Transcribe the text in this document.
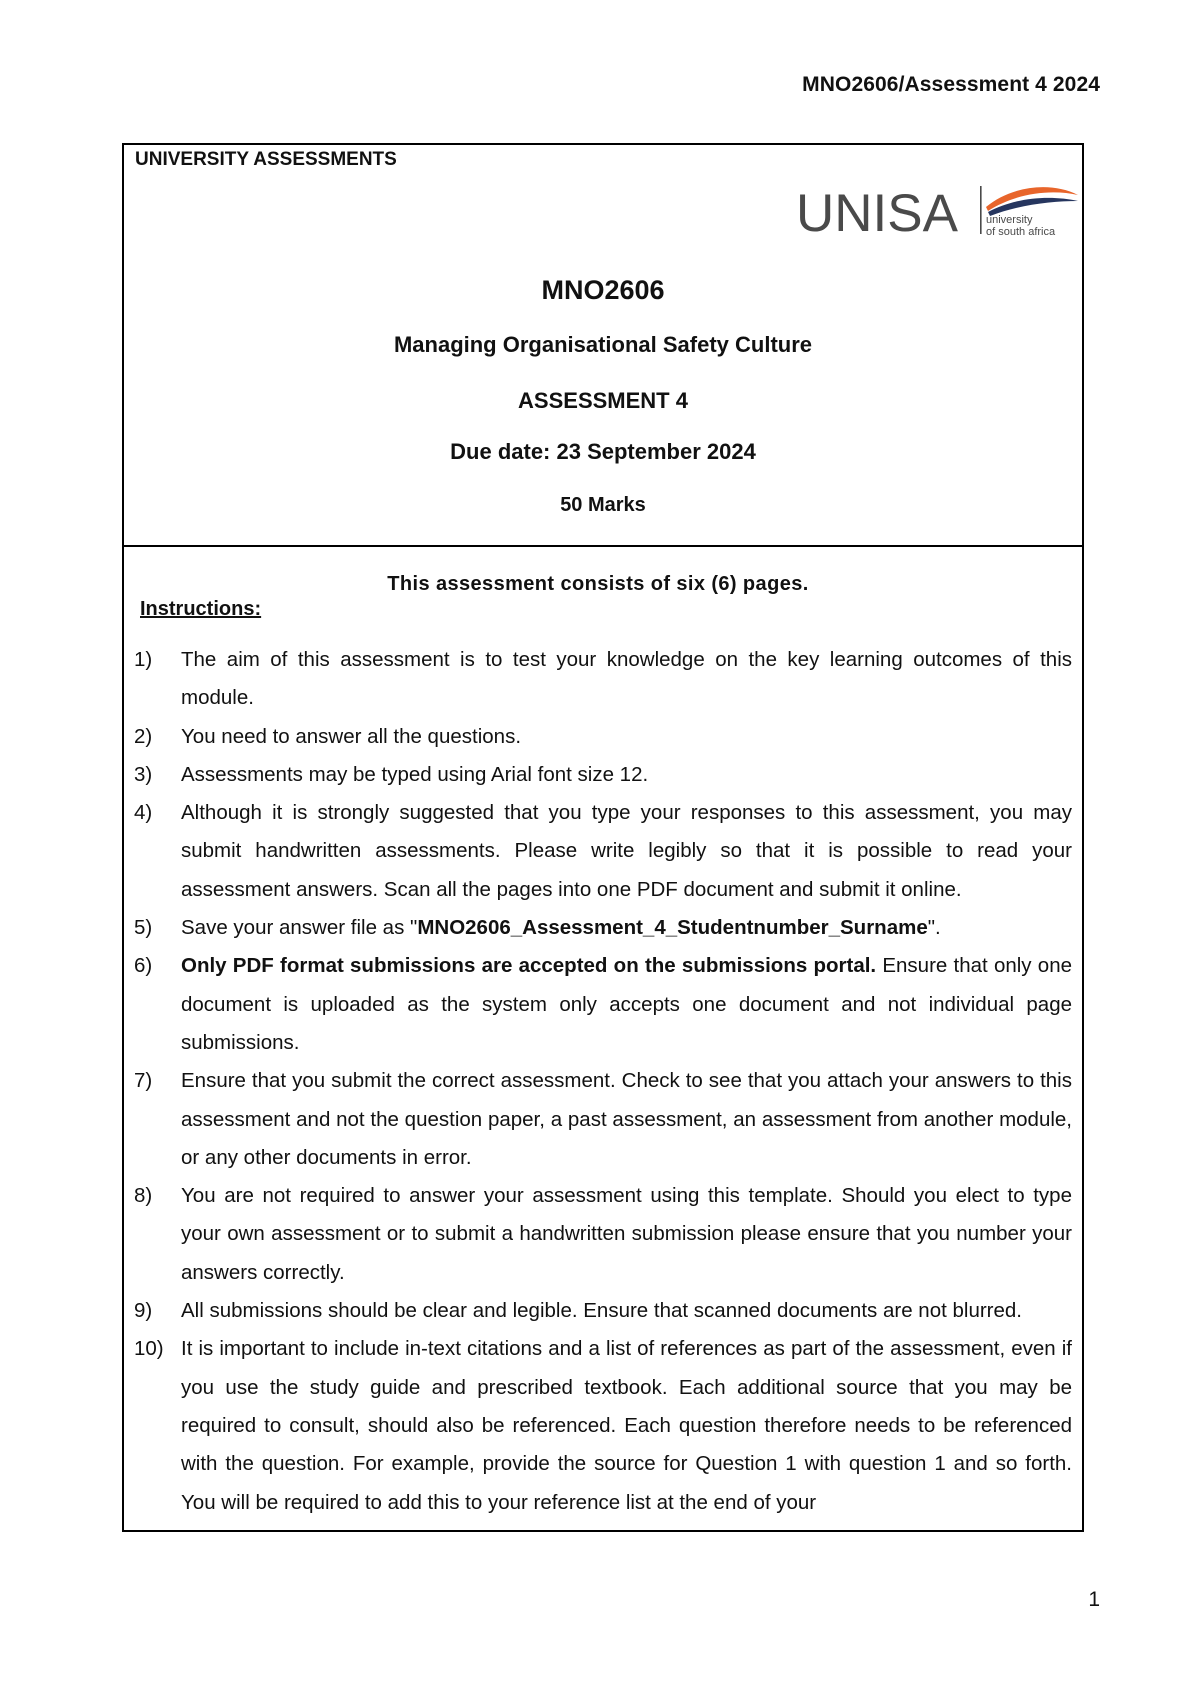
MNO2606/Assessment 4 2024
UNIVERSITY ASSESSMENTS
UNISA	university
of south africa
MNO2606
Managing Organisational Safety Culture
ASSESSMENT 4
Due date: 23 September 2024
50 Marks
This assessment consists of six (6) pages.
Instructions:
1) The aim of this assessment is to test your knowledge on the key learning outcomes of this module.
2) You need to answer all the questions.
3) Assessments may be typed using Arial font size 12.
4) Although it is strongly suggested that you type your responses to this assessment, you may submit handwritten assessments. Please write legibly so that it is possible to read your assessment answers. Scan all the pages into one PDF document and submit it online.
5) Save your answer file as "MNO2606_Assessment_4_Studentnumber_Surname".
6) Only PDF format submissions are accepted on the submissions portal. Ensure that only one document is uploaded as the system only accepts one document and not individual page submissions.
7) Ensure that you submit the correct assessment. Check to see that you attach your answers to this assessment and not the question paper, a past assessment, an assessment from another module, or any other documents in error.
8) You are not required to answer your assessment using this template. Should you elect to type your own assessment or to submit a handwritten submission please ensure that you number your answers correctly.
9) All submissions should be clear and legible. Ensure that scanned documents are not blurred.
10) It is important to include in-text citations and a list of references as part of the assessment, even if you use the study guide and prescribed textbook. Each additional source that you may be required to consult, should also be referenced. Each question therefore needs to be referenced with the question. For example, provide the source for Question 1 with question 1 and so forth. You will be required to add this to your reference list at the end of your
1
